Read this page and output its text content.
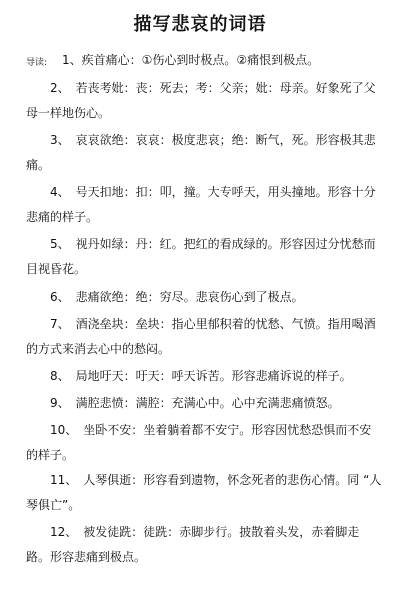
描写悲哀的词语
导读: 1、疾首痛心：①伤心到时极点。②痛恨到极点。
2、 若丧考妣：丧：死去；考：父亲；妣：母亲。好象死了父母一样地伤心。
3、 哀哀欲绝：哀哀：极度悲哀；绝：断气，死。形容极其悲痛。
4、 号天扣地：扣：叩，撞。大专呼天，用头撞地。形容十分悲痛的样子。
5、 视丹如绿：丹：红。把红的看成绿的。形容因过分忧愁而目视昏花。
6、 悲痛欲绝：绝：穷尽。悲哀伤心到了极点。
7、 酒浇垒块：垒块：指心里郁积着的忧愁、气愤。指用喝酒的方式来消去心中的愁闷。
8、 局地吁天：吁天：呼天诉苦。形容悲痛诉说的样子。
9、 满腔悲愤：满腔：充满心中。心中充满悲痛愤怒。
10、 坐卧不安：坐着躺着都不安宁。形容因忧愁恐惧而不安的样子。
11、 人琴俱逝：形容看到遗物，怀念死者的悲伤心情。同 “人琴俱亡”。
12、 被发徒跣：徒跣：赤脚步行。披散着头发，赤着脚走路。形容悲痛到极点。
